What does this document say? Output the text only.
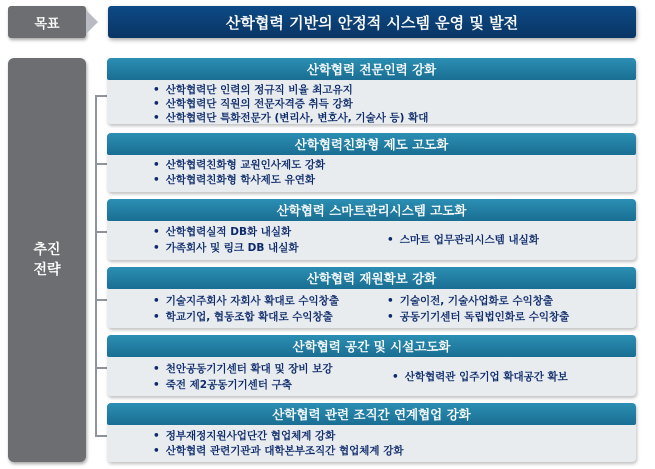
목표	산학협력 기반의 안정적 시스템 운영 및 발전
추진
전략
산학협력 전문인력 강화
• 산학협력단 인력의 정규직 비율 최고유지
• 산학협력단 직원의 전문자격증 취득 강화
• 산학협력단 특화전문가 (변리사, 변호사, 기술사 등) 확대
산학협력친화형 제도 고도화
• 산학협력친화형 교원인사제도 강화
• 산학협력친화형 학사제도 유연화
산학협력 스마트관리시스템 고도화
• 산학협력실적 DB화 내실화
• 가족회사 및 링크 DB 내실화
• 스마트 업무관리시스템 내실화
산학협력 재원확보 강화
• 기술지주회사 자회사 확대로 수익창출
• 학교기업, 협동조합 확대로 수익창출
• 기술이전, 기술사업화로 수익창출
• 공동기기센터 독립법인화로 수익창출
산학협력 공간 및 시설고도화
• 천안공동기기센터 확대 및 장비 보강
• 죽전 제2공동기기센터 구축
• 산학협력관 입주기업 확대공간 확보
산학협력 관련 조직간 연계협업 강화
• 정부재정지원사업단간 협업체계 강화
• 산학협력 관련기관과 대학본부조직간 협업체계 강화
